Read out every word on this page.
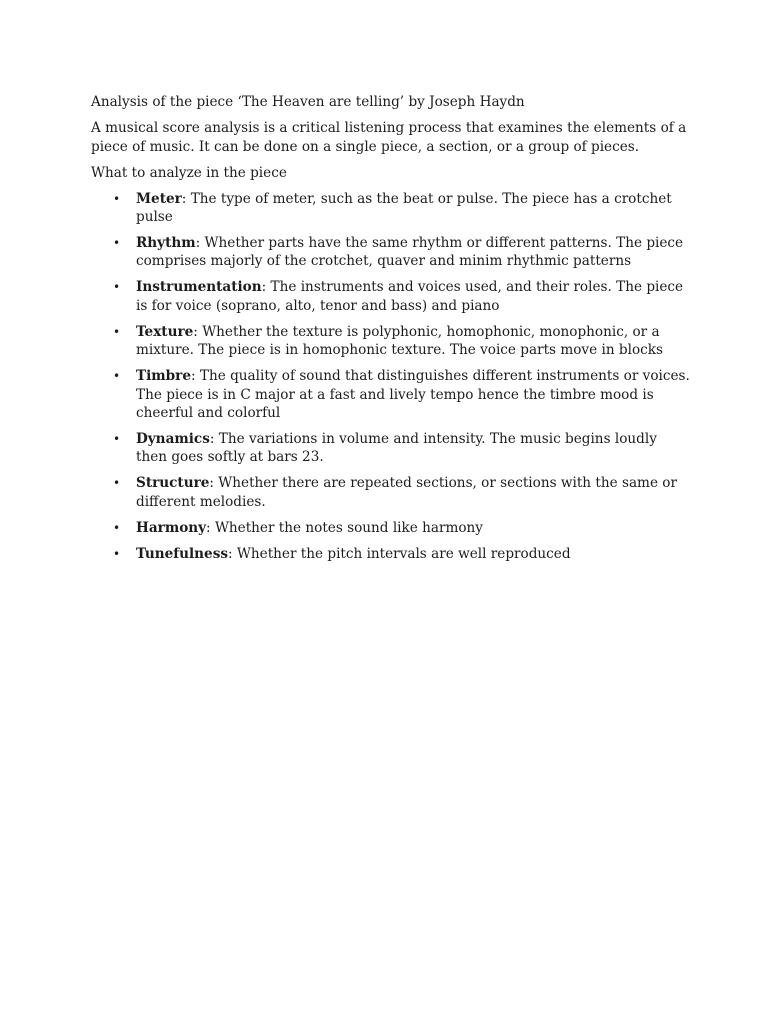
Analysis of the piece ‘The Heaven are telling’ by Joseph Haydn

A musical score analysis is a critical listening process that examines the elements of a piece of music. It can be done on a single piece, a section, or a group of pieces.

What to analyze in the piece

• Meter: The type of meter, such as the beat or pulse. The piece has a crotchet pulse
• Rhythm: Whether parts have the same rhythm or different patterns. The piece comprises majorly of the crotchet, quaver and minim rhythmic patterns
• Instrumentation: The instruments and voices used, and their roles. The piece is for voice (soprano, alto, tenor and bass) and piano
• Texture: Whether the texture is polyphonic, homophonic, monophonic, or a mixture. The piece is in homophonic texture. The voice parts move in blocks
• Timbre: The quality of sound that distinguishes different instruments or voices. The piece is in C major at a fast and lively tempo hence the timbre mood is cheerful and colorful
• Dynamics: The variations in volume and intensity. The music begins loudly then goes softly at bars 23.
• Structure: Whether there are repeated sections, or sections with the same or different melodies.
• Harmony: Whether the notes sound like harmony
• Tunefulness: Whether the pitch intervals are well reproduced
